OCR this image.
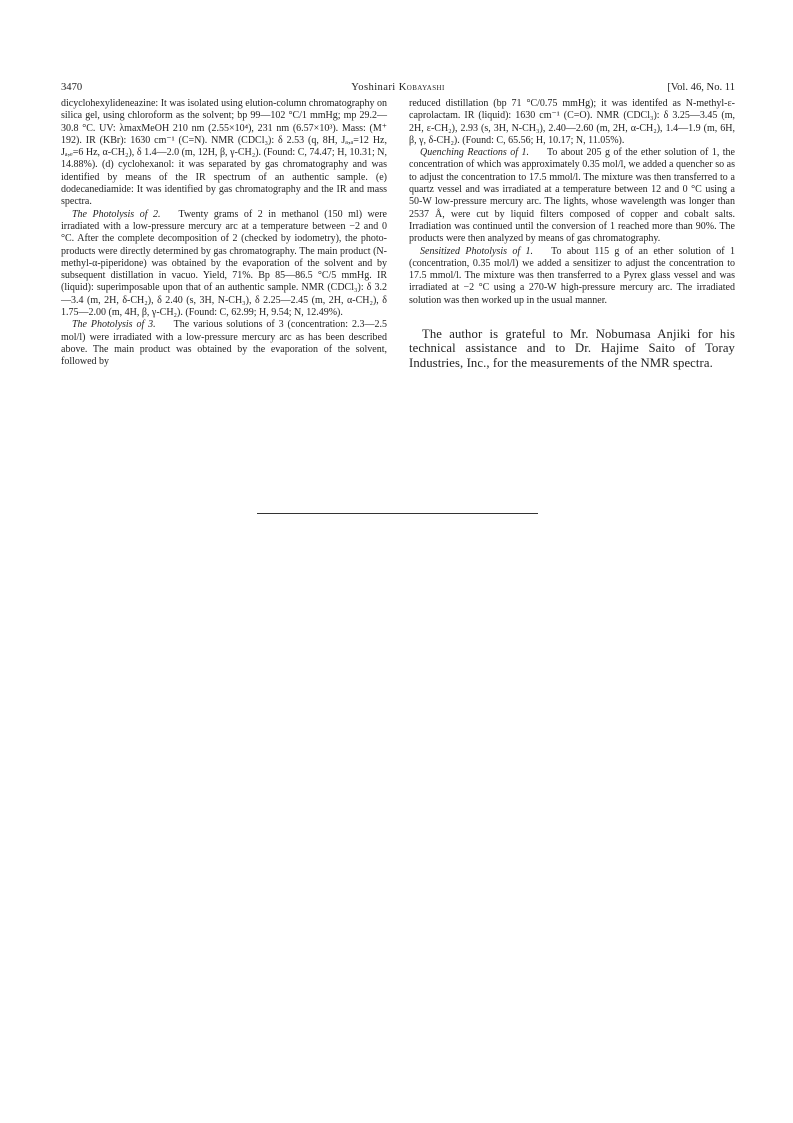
3470	Yoshinari Kobayashi	[Vol. 46, No. 11

dicyclohexylideneazine: It was isolated using elution-column chromatography on silica gel, using chloroform as the solvent; bp 99—102 °C/1 mmHg; mp 29.2—30.8 °C. UV: λmaxMeOH 210 nm (2.55×10⁴), 231 nm (6.57×10³). Mass: (M⁺ 192). IR (KBr): 1630 cm⁻¹ (C=N). NMR (CDCl₃): δ 2.53 (q, 8H, Jₐ,ₐ=12 Hz, Jₐ,ₑ=6 Hz, α-CH₂), δ 1.4—2.0 (m, 12H, β, γ-CH₂). (Found: C, 74.47; H, 10.31; N, 14.88%). (d) cyclohexanol: it was separated by gas chromatography and was identified by means of the IR spectrum of an authentic sample. (e) dodecanediamide: It was identified by gas chromatography and the IR and mass spectra.

The Photolysis of 2. Twenty grams of 2 in methanol (150 ml) were irradiated with a low-pressure mercury arc at a temperature between −2 and 0 °C. After the complete decomposition of 2 (checked by iodometry), the photo-products were directly determined by gas chromatography. The main product (N-methyl-α-piperidone) was obtained by the evaporation of the solvent and by subsequent distillation in vacuo. Yield, 71%. Bp 85—86.5 °C/5 mmHg. IR (liquid): superimposable upon that of an authentic sample. NMR (CDCl₃): δ 3.2—3.4 (m, 2H, δ-CH₂), δ 2.40 (s, 3H, N-CH₃), δ 2.25—2.45 (m, 2H, α-CH₂), δ 1.75—2.00 (m, 4H, β, γ-CH₂). (Found: C, 62.99; H, 9.54; N, 12.49%).

The Photolysis of 3. The various solutions of 3 (concentration: 2.3—2.5 mol/l) were irradiated with a low-pressure mercury arc as has been described above. The main product was obtained by the evaporation of the solvent, followed by

reduced distillation (bp 71 °C/0.75 mmHg); it was identifed as N-methyl-ε-caprolactam. IR (liquid): 1630 cm⁻¹ (C=O). NMR (CDCl₃): δ 3.25—3.45 (m, 2H, ε-CH₂), 2.93 (s, 3H, N-CH₃), 2.40—2.60 (m, 2H, α-CH₂), 1.4—1.9 (m, 6H, β, γ, δ-CH₂). (Found: C, 65.56; H, 10.17; N, 11.05%).

Quenching Reactions of 1. To about 205 g of the ether solution of 1, the concentration of which was approximately 0.35 mol/l, we added a quencher so as to adjust the concentration to 17.5 mmol/l. The mixture was then transferred to a quartz vessel and was irradiated at a temperature between 12 and 0 °C using a 50-W low-pressure mercury arc. The lights, whose wavelength was longer than 2537 Å, were cut by liquid filters composed of copper and cobalt salts. Irradiation was continued until the conversion of 1 reached more than 90%. The products were then analyzed by means of gas chromatography.

Sensitized Photolysis of 1. To about 115 g of an ether solution of 1 (concentration, 0.35 mol/l) we added a sensitizer to adjust the concentration to 17.5 mmol/l. The mixture was then transferred to a Pyrex glass vessel and was irradiated at −2 °C using a 270-W high-pressure mercury arc. The irradiated solution was then worked up in the usual manner.

The author is grateful to Mr. Nobumasa Anjiki for his technical assistance and to Dr. Hajime Saito of Toray Industries, Inc., for the measurements of the NMR spectra.
